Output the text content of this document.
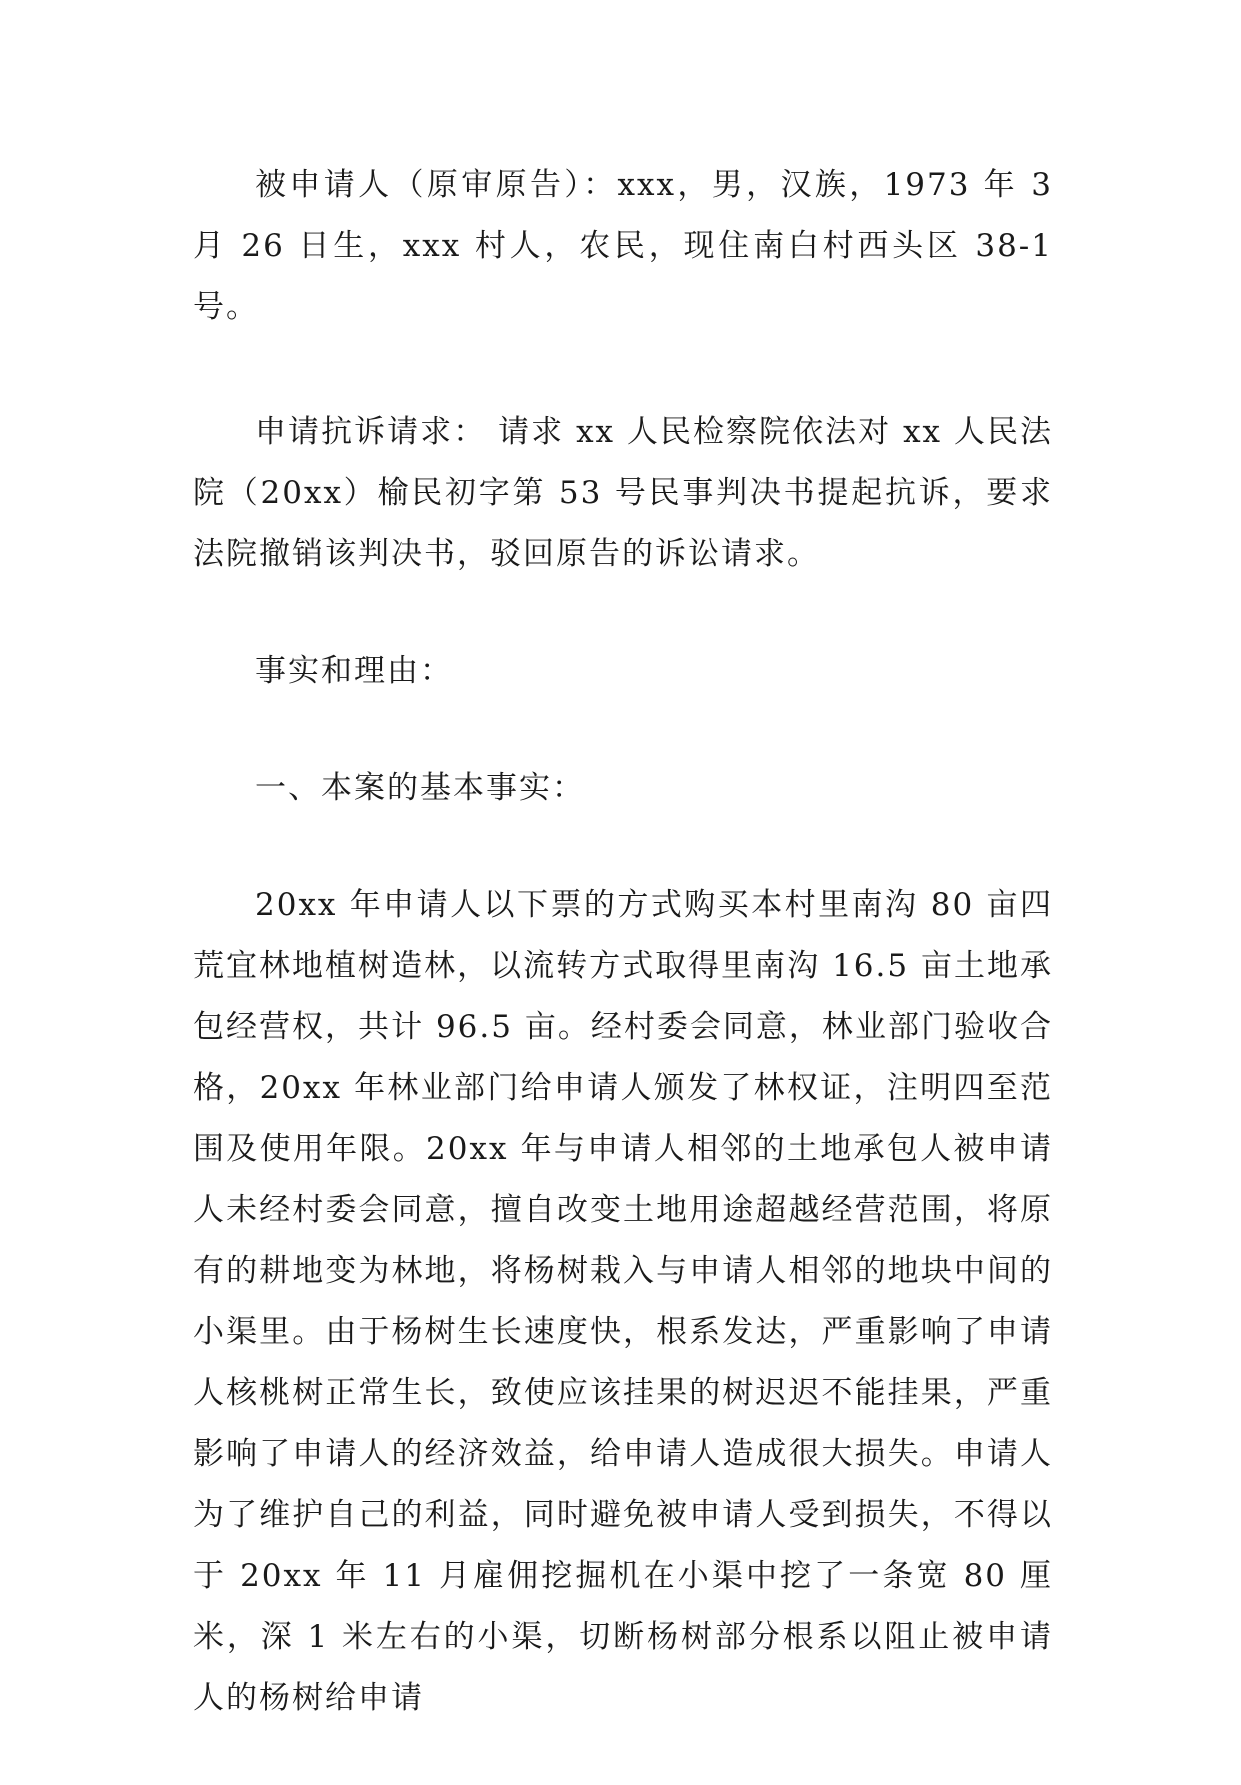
被申请人（原审原告）：xxx，男，汉族，1973 年 3 月 26 日生，xxx 村人，农民，现住南白村西头区 38-1 号。

申请抗诉请求： 请求 xx 人民检察院依法对 xx 人民法院（20xx）榆民初字第 53 号民事判决书提起抗诉，要求法院撤销该判决书，驳回原告的诉讼请求。

事实和理由：

一、本案的基本事实：

20xx 年申请人以下票的方式购买本村里南沟 80 亩四荒宜林地植树造林，以流转方式取得里南沟 16.5 亩土地承包经营权，共计 96.5 亩。经村委会同意，林业部门验收合格，20xx 年林业部门给申请人颁发了林权证，注明四至范围及使用年限。20xx 年与申请人相邻的土地承包人被申请人未经村委会同意，擅自改变土地用途超越经营范围，将原有的耕地变为林地，将杨树栽入与申请人相邻的地块中间的小渠里。由于杨树生长速度快，根系发达，严重影响了申请人核桃树正常生长，致使应该挂果的树迟迟不能挂果，严重影响了申请人的经济效益，给申请人造成很大损失。申请人为了维护自己的利益，同时避免被申请人受到损失，不得以于 20xx 年 11 月雇佣挖掘机在小渠中挖了一条宽 80 厘米，深 1 米左右的小渠，切断杨树部分根系以阻止被申请人的杨树给申请
